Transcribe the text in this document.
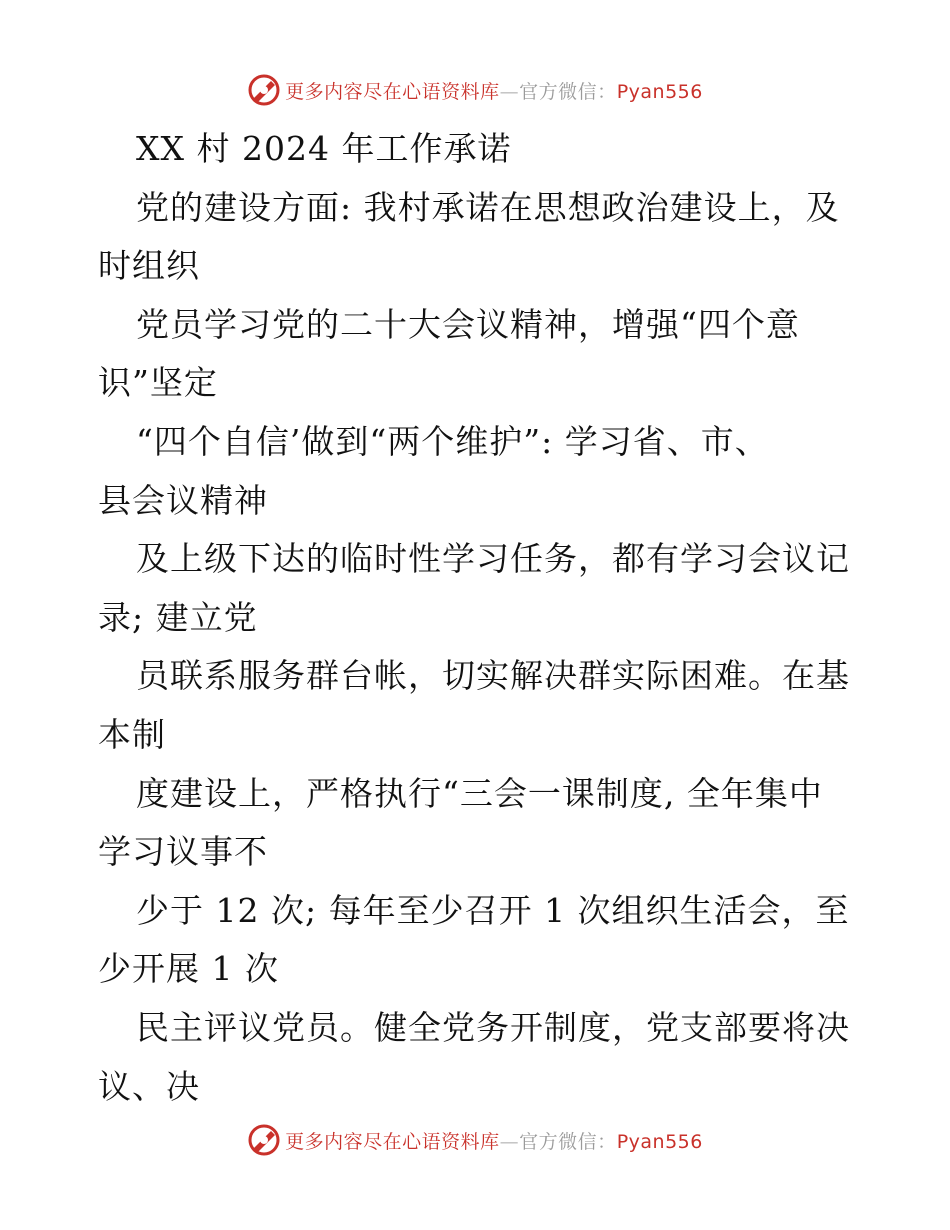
更多内容尽在心语资料库—官方微信：Pyan556
XX 村 2024 年工作承诺
党的建设方面: 我村承诺在思想政治建设上，及
时组织
党员学习党的二十大会议精神，增强“四个意
识”坚定
“四个自信’做到“两个维护”: 学习省、市、
县会议精神
及上级下达的临时性学习任务，都有学习会议记
录; 建立党
员联系服务群台帐，切实解决群实际困难。在基
本制
度建设上，严格执行“三会一课制度, 全年集中
学习议事不
少于 12 次; 每年至少召开 1 次组织生活会，至
少开展 1 次
民主评议党员。健全党务开制度，党支部要将决
议、决
更多内容尽在心语资料库—官方微信：Pyan556
